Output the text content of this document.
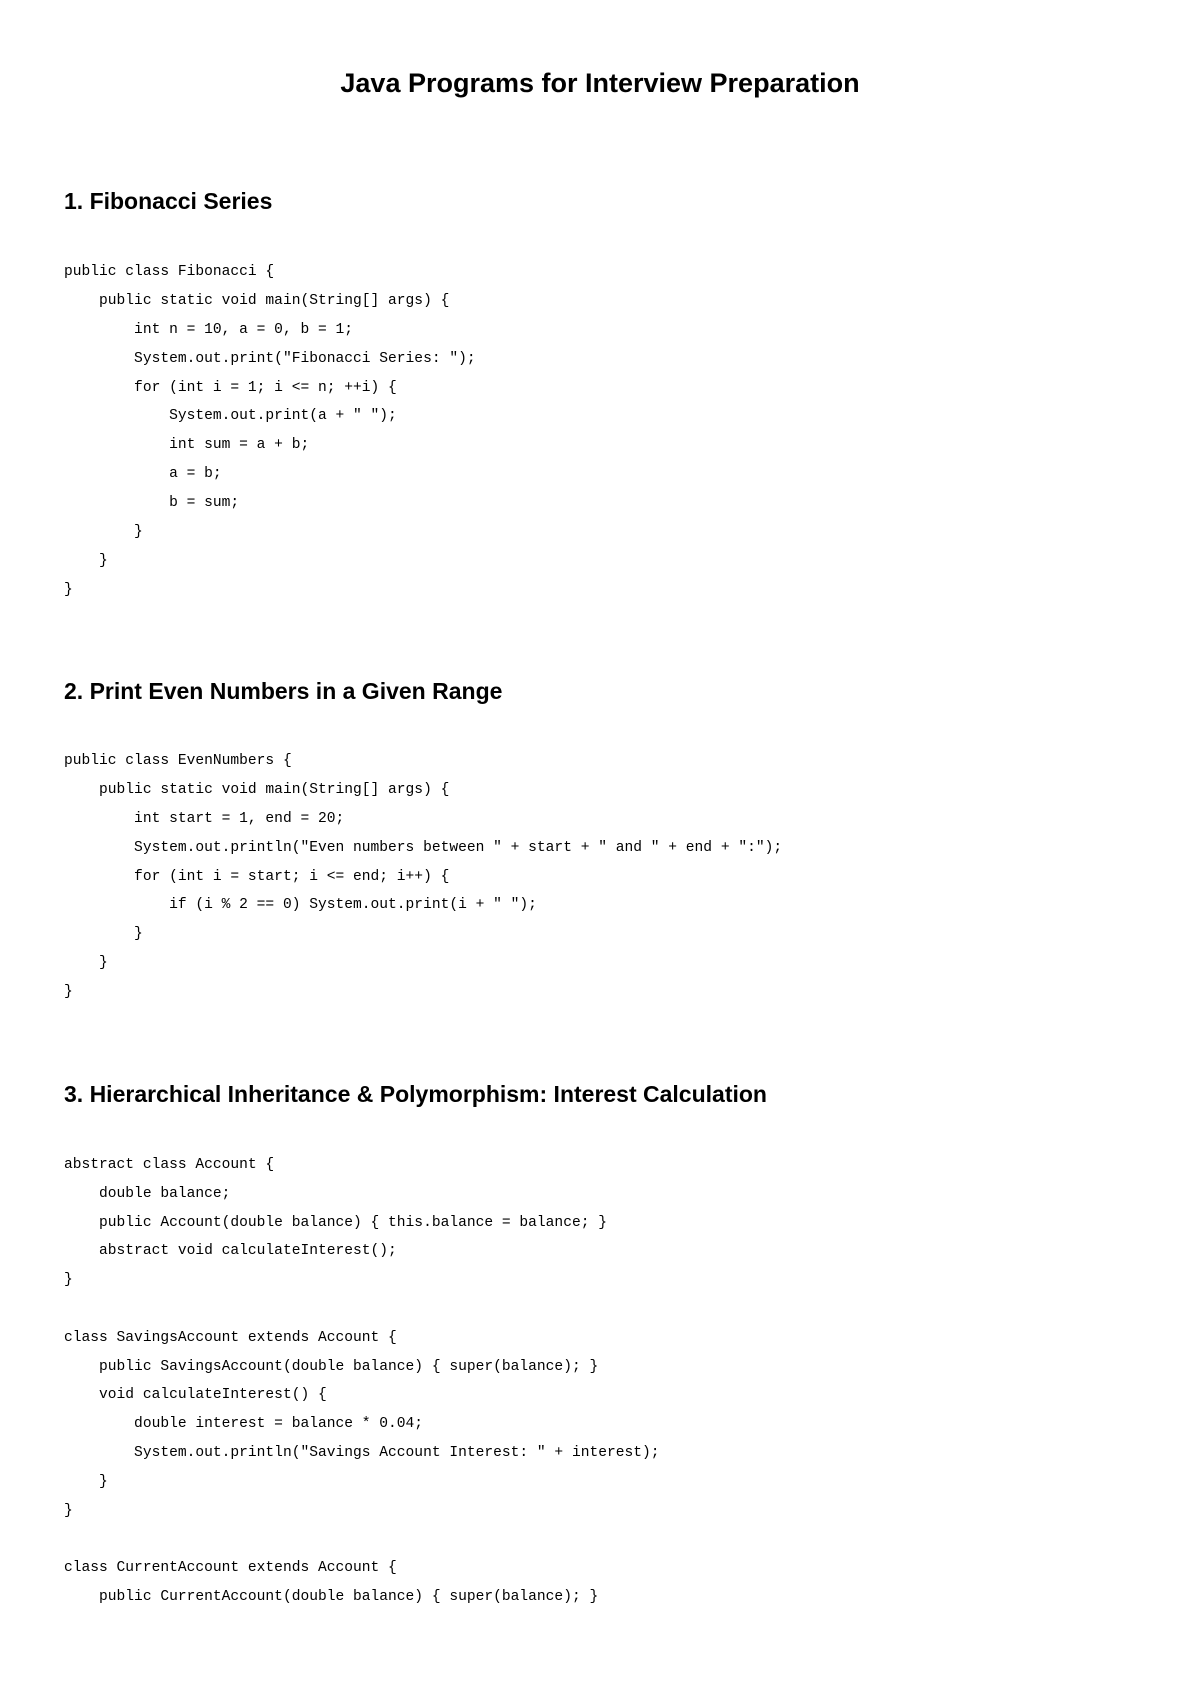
Java Programs for Interview Preparation
1. Fibonacci Series
public class Fibonacci {
public static void main(String[] args) {
int n = 10, a = 0, b = 1;
System.out.print("Fibonacci Series: ");
for (int i = 1; i <= n; ++i) {
System.out.print(a + " ");
int sum = a + b;
a = b;
b = sum;
}
}
}
2. Print Even Numbers in a Given Range
public class EvenNumbers {
public static void main(String[] args) {
int start = 1, end = 20;
System.out.println("Even numbers between " + start + " and " + end + ":");
for (int i = start; i <= end; i++) {
if (i % 2 == 0) System.out.print(i + " ");
}
}
}
3. Hierarchical Inheritance & Polymorphism: Interest Calculation
abstract class Account {
double balance;
public Account(double balance) { this.balance = balance; }
abstract void calculateInterest();
}
class SavingsAccount extends Account {
public SavingsAccount(double balance) { super(balance); }
void calculateInterest() {
double interest = balance * 0.04;
System.out.println("Savings Account Interest: " + interest);
}
}
class CurrentAccount extends Account {
public CurrentAccount(double balance) { super(balance); }
